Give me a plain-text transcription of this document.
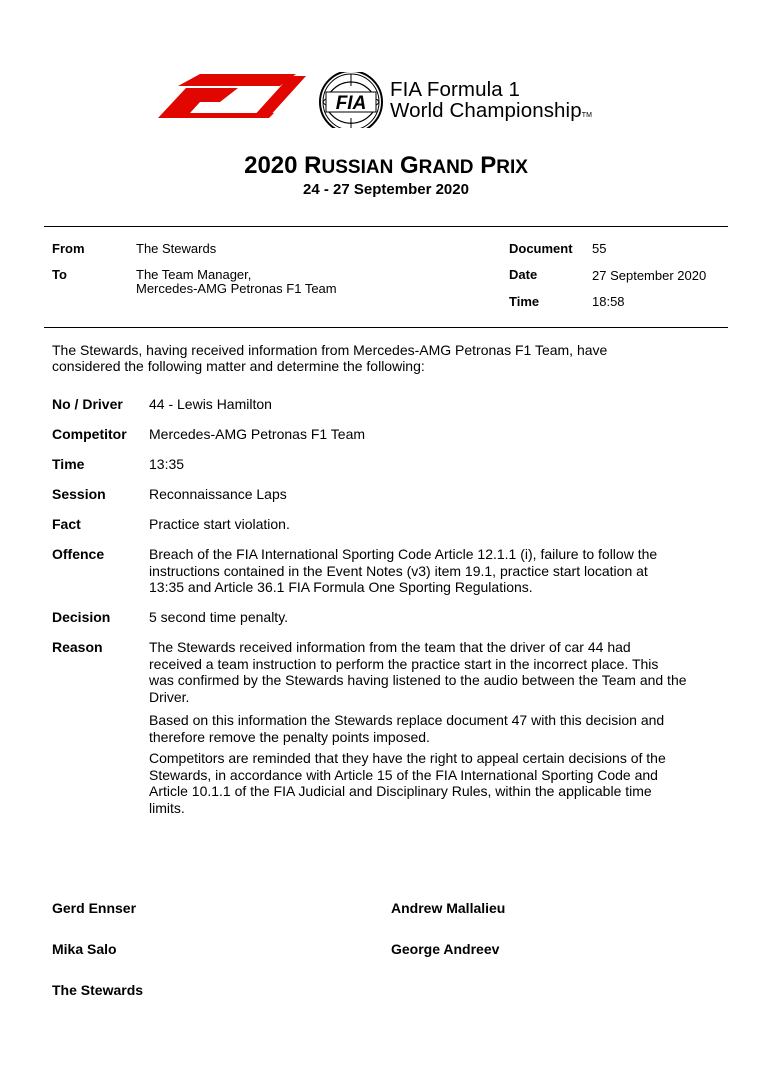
FIA
FIA Formula 1
World ChampionshipTM
2020 RUSSIAN GRAND PRIX
24 - 27 September 2020
From	The Stewards
To	The Team Manager,
Mercedes-AMG Petronas F1 Team
Document 55
Date	27 September 2020
Time	18:58
The Stewards, having received information from Mercedes-AMG Petronas F1 Team, have
considered the following matter and determine the following:
No / Driver 44 - Lewis Hamilton
Competitor Mercedes-AMG Petronas F1 Team
Time	13:35
Session	Reconnaissance Laps
Fact	Practice start violation.
Offence	Breach of the FIA International Sporting Code Article 12.1.1 (i), failure to follow the
instructions contained in the Event Notes (v3) item 19.1, practice start location at
13:35 and Article 36.1 FIA Formula One Sporting Regulations.
Decision	5 second time penalty.
Reason	The Stewards received information from the team that the driver of car 44 had
received a team instruction to perform the practice start in the incorrect place. This
was confirmed by the Stewards having listened to the audio between the Team and the
Driver.
Based on this information the Stewards replace document 47 with this decision and
therefore remove the penalty points imposed.
Competitors are reminded that they have the right to appeal certain decisions of the
Stewards, in accordance with Article 15 of the FIA International Sporting Code and
Article 10.1.1 of the FIA Judicial and Disciplinary Rules, within the applicable time
limits.
Gerd Ennser	Andrew Mallalieu
Mika Salo	George Andreev
The Stewards
